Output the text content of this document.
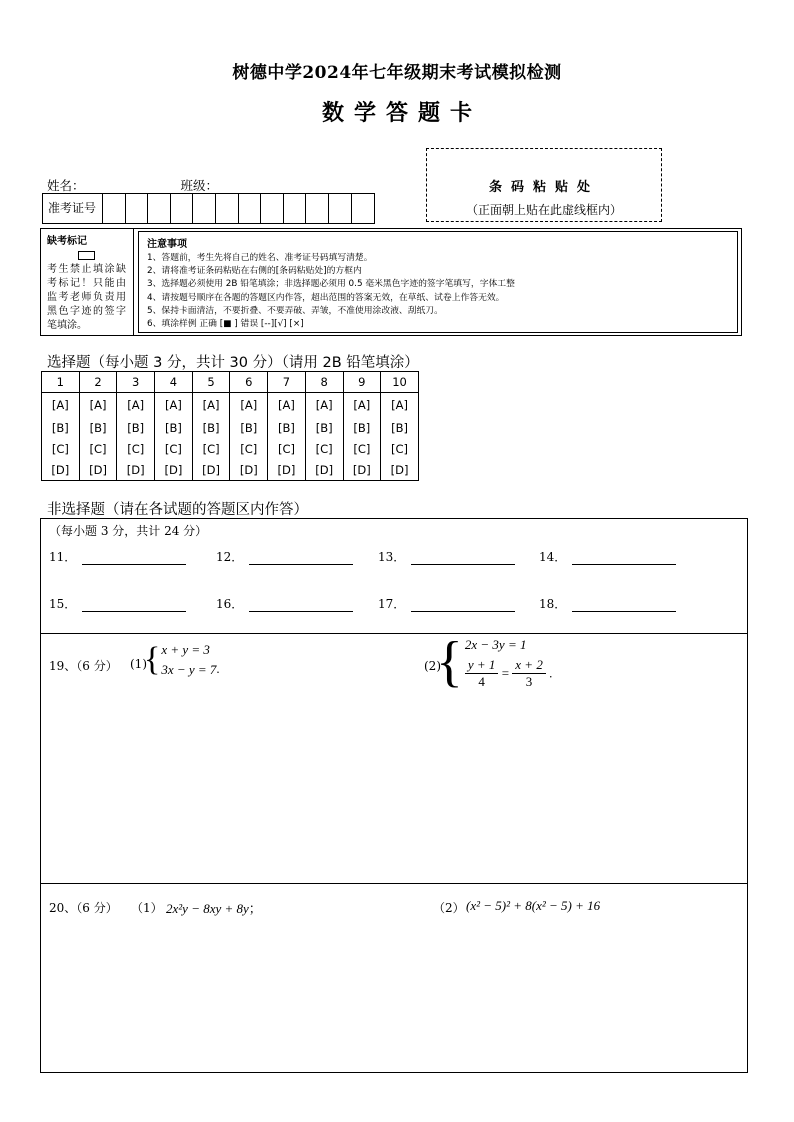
树德中学2024年七年级期末考试模拟检测
数学答题卡
姓名：	班级：
准考证号
条码粘贴处
（正面朝上贴在此虚线框内）
缺考标记
考生禁止填涂缺考标记！只能由监考老师负责用黑色字迹的签字笔填涂。
注意事项
1、答题前，考生先将自己的姓名、准考证号码填写清楚。
2、请将准考证条码粘贴在右侧的[条码粘贴处]的方框内
3、选择题必须使用 2B 铅笔填涂；非选择题必须用 0.5 毫米黑色字迹的签字笔填写，字体工整
4、请按题号顺序在各题的答题区内作答，超出范围的答案无效，在草纸、试卷上作答无效。
5、保持卡面清洁，不要折叠、不要弄破、弄皱，不准使用涂改液、刮纸刀。
6、填涂样例 正确 [■ ] 错误 [--][√] [×]
选择题（每小题 3 分，共计 30 分）（请用 2B 铅笔填涂）
1	2	3	4	5	6	7	8	9	10
[A]	[A]	[A]	[A]	[A]	[A]	[A]	[A]	[A]	[A]
[B]	[B]	[B]	[B]	[B]	[B]	[B]	[B]	[B]	[B]
[C]	[C]	[C]	[C]	[C]	[C]	[C]	[C]	[C]	[C]
[D]	[D]	[D]	[D]	[D]	[D]	[D]	[D]	[D]	[D]
非选择题（请在各试题的答题区内作答）
（每小题 3 分，共计 24 分）
11．	12．	13．	14．
15．	16．	17．	18．
19、（6 分） (1)
{ x + y = 3
3x − y = 7 .	(2)
{ 2x − 3y = 1
$\frac{y + 1}{4} = \frac{x + 2}{3}$ .
20、（6 分） （1） 2x²y − 8xy + 8y；	（2） (x² − 5)² + 8(x² − 5) + 16
